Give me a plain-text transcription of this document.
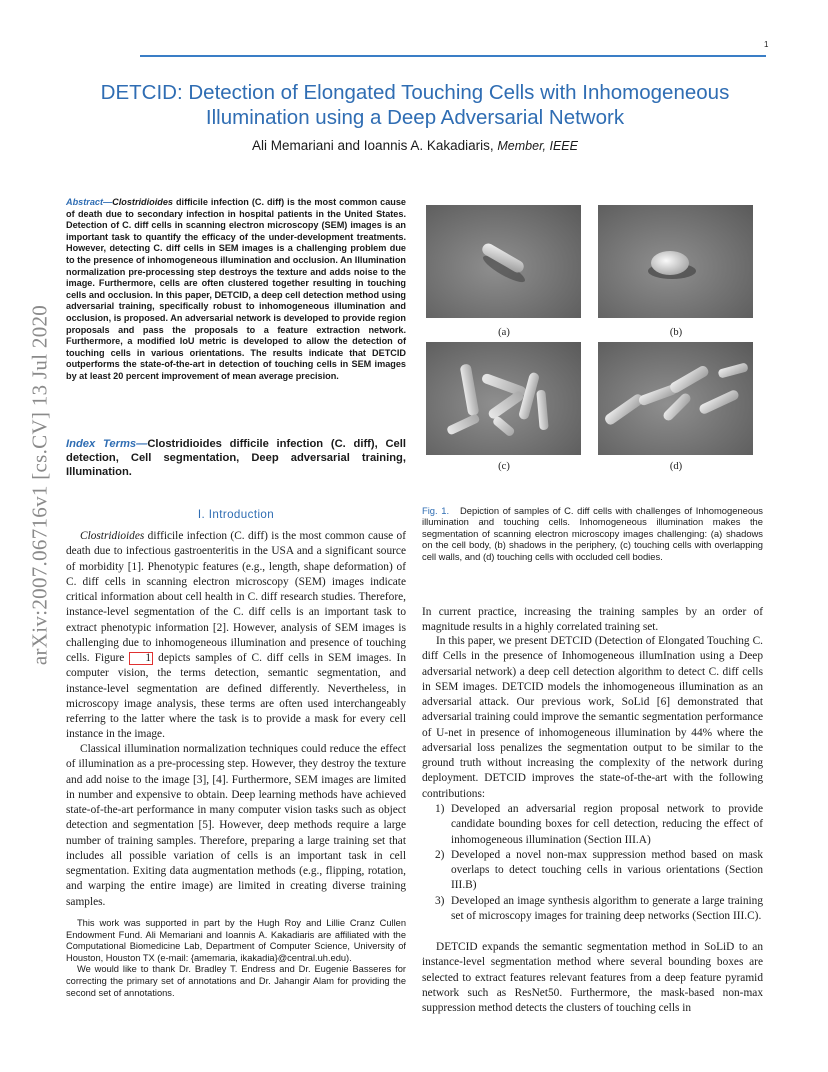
1
DETCID: Detection of Elongated Touching Cells with Inhomogeneous Illumination using a Deep Adversarial Network
Ali Memariani and Ioannis A. Kakadiaris, Member, IEEE
arXiv:2007.06716v1 [cs.CV] 13 Jul 2020
Abstract—Clostridioides difficile infection (C. diff) is the most common cause of death due to secondary infection in hospital patients in the United States. Detection of C. diff cells in scanning electron microscopy (SEM) images is an important task to quantify the efficacy of the under-development treatments. However, detecting C. diff cells in SEM images is a challenging problem due to the presence of inhomogeneous illumination and occlusion. An Illumination normalization pre-processing step destroys the texture and adds noise to the image. Furthermore, cells are often clustered together resulting in touching cells and occlusion. In this paper, DETCID, a deep cell detection method using adversarial training, specifically robust to inhomogeneous illumination and occlusion, is proposed. An adversarial network is developed to provide region proposals and pass the proposals to a feature extraction network. Furthermore, a modified IoU metric is developed to allow the detection of touching cells in various orientations. The results indicate that DETCID outperforms the state-of-the-art in detection of touching cells in SEM images by at least 20 percent improvement of mean average precision.
Index Terms—Clostridioides difficile infection (C. diff), Cell detection, Cell segmentation, Deep adversarial training, Illumination.
I. Introduction
Clostridioides difficile infection (C. diff) is the most common cause of death due to infectious gastroenteritis in the USA and a significant source of morbidity [1]. Phenotypic features (e.g., length, shape deformation) of C. diff cells in scanning electron microscopy (SEM) images indicate critical information about cell health in C. diff research studies. Therefore, instance-level segmentation of the C. diff cells is an important task to extract phenotypic information [2]. However, analysis of SEM images is challenging due to inhomogeneous illumination and presence of touching cells. Figure 1 depicts samples of C. diff cells in SEM images. In computer vision, the terms detection, semantic segmentation, and instance-level segmentation are defined differently. Nevertheless, in microscopy image analysis, these terms are often used interchangeably referring to the latter where the task is to provide a mask for every cell instance in the image.
Classical illumination normalization techniques could reduce the effect of illumination as a pre-processing step. However, they destroy the texture and add noise to the image [3], [4]. Furthermore, SEM images are limited in number and expensive to obtain. Deep learning methods have achieved state-of-the-art performance in many computer vision tasks such as object detection and segmentation [5]. However, deep methods require a large number of training samples. Therefore, preparing a large training set that includes all possible variation of cells is an important task in cell segmentation. Exiting data augmentation methods (e.g., flipping, rotation, and warping the entire image) are limited in creating diverse training samples.

This work was supported in part by the Hugh Roy and Lillie Cranz Cullen Endowment Fund. Ali Memariani and Ioannis A. Kakadiaris are affiliated with the Computational Biomedicine Lab, Department of Computer Science, University of Houston, Houston TX (e-mail: {amemaria, ikakadia}@central.uh.edu).

We would like to thank Dr. Bradley T. Endress and Dr. Eugenie Basseres for correcting the primary set of annotations and Dr. Jahangir Alam for providing the second set of annotations.

(a)	(b)
(c)	(d)
Fig. 1. Depiction of samples of C. diff cells with challenges of Inhomogeneous illumination and touching cells. Inhomogeneous illumination makes the segmentation of scanning electron microscopy images challenging: (a) shadows on the cell body, (b) shadows in the periphery, (c) touching cells with overlapping cell walls, and (d) touching cells with occluded cell bodies.
In current practice, increasing the training samples by an order of magnitude results in a highly correlated training set.
In this paper, we present DETCID (Detection of Elongated Touching C. diff Cells in the presence of Inhomogeneous illumInation using a Deep adversarial network) a deep cell detection algorithm to detect C. diff cells in SEM images. DETCID models the inhomogeneous illumination as an adversarial attack. Our previous work, SoLid [6] demonstrated that adversarial training could improve the semantic segmentation performance of U-net in presence of inhomogeneous illumination by 44% where the adversarial loss penalizes the segmentation output to be similar to the ground truth without increasing the complexity of the network during deployment. DETCID improves the state-of-the-art with the following contributions:
1) Developed an adversarial region proposal network to provide candidate bounding boxes for cell detection, reducing the effect of inhomogeneous illumination (Section III.A)
2) Developed a novel non-max suppression method based on mask overlaps to detect touching cells in various orientations (Section III.B)
3) Developed an image synthesis algorithm to generate a large training set of microscopy images for training deep networks (Section III.C).
DETCID expands the semantic segmentation method in SoLiD to an instance-level segmentation method where several bounding boxes are selected to extract features relevant features from a deep feature pyramid network such as ResNet50. Furthermore, the mask-based non-max suppression method detects the clusters of touching cells in
